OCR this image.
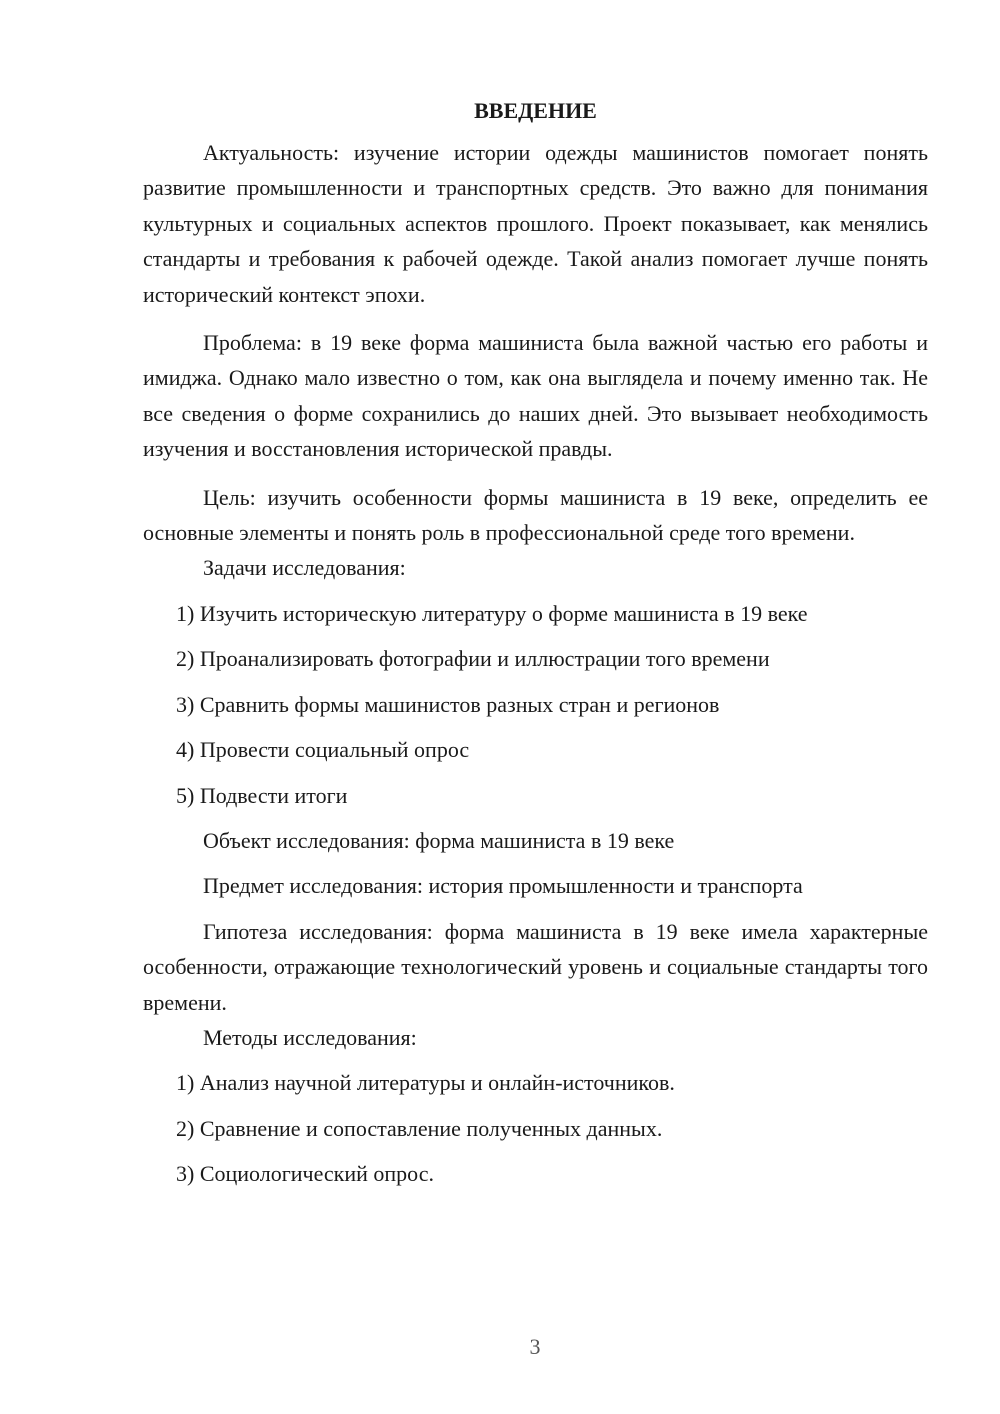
ВВЕДЕНИЕ

Актуальность: изучение истории одежды машинистов помогает понять развитие промышленности и транспортных средств. Это важно для понимания культурных и социальных аспектов прошлого. Проект показывает, как менялись стандарты и требования к рабочей одежде. Такой анализ помогает лучше понять исторический контекст эпохи.

Проблема: в 19 веке форма машиниста была важной частью его работы и имиджа. Однако мало известно о том, как она выглядела и почему именно так. Не все сведения о форме сохранились до наших дней. Это вызывает необходимость изучения и восстановления исторической правды.

Цель: изучить особенности формы машиниста в 19 веке, определить ее основные элементы и понять роль в профессиональной среде того времени.

Задачи исследования:

1) Изучить историческую литературу о форме машиниста в 19 веке

2) Проанализировать фотографии и иллюстрации того времени

3) Сравнить формы машинистов разных стран и регионов

4) Провести социальный опрос

5) Подвести итоги

Объект исследования: форма машиниста в 19 веке

Предмет исследования: история промышленности и транспорта

Гипотеза исследования: форма машиниста в 19 веке имела характерные особенности, отражающие технологический уровень и социальные стандарты того времени.

Методы исследования:

1) Анализ научной литературы и онлайн-источников.

2) Сравнение и сопоставление полученных данных.

3) Социологический опрос.

3
